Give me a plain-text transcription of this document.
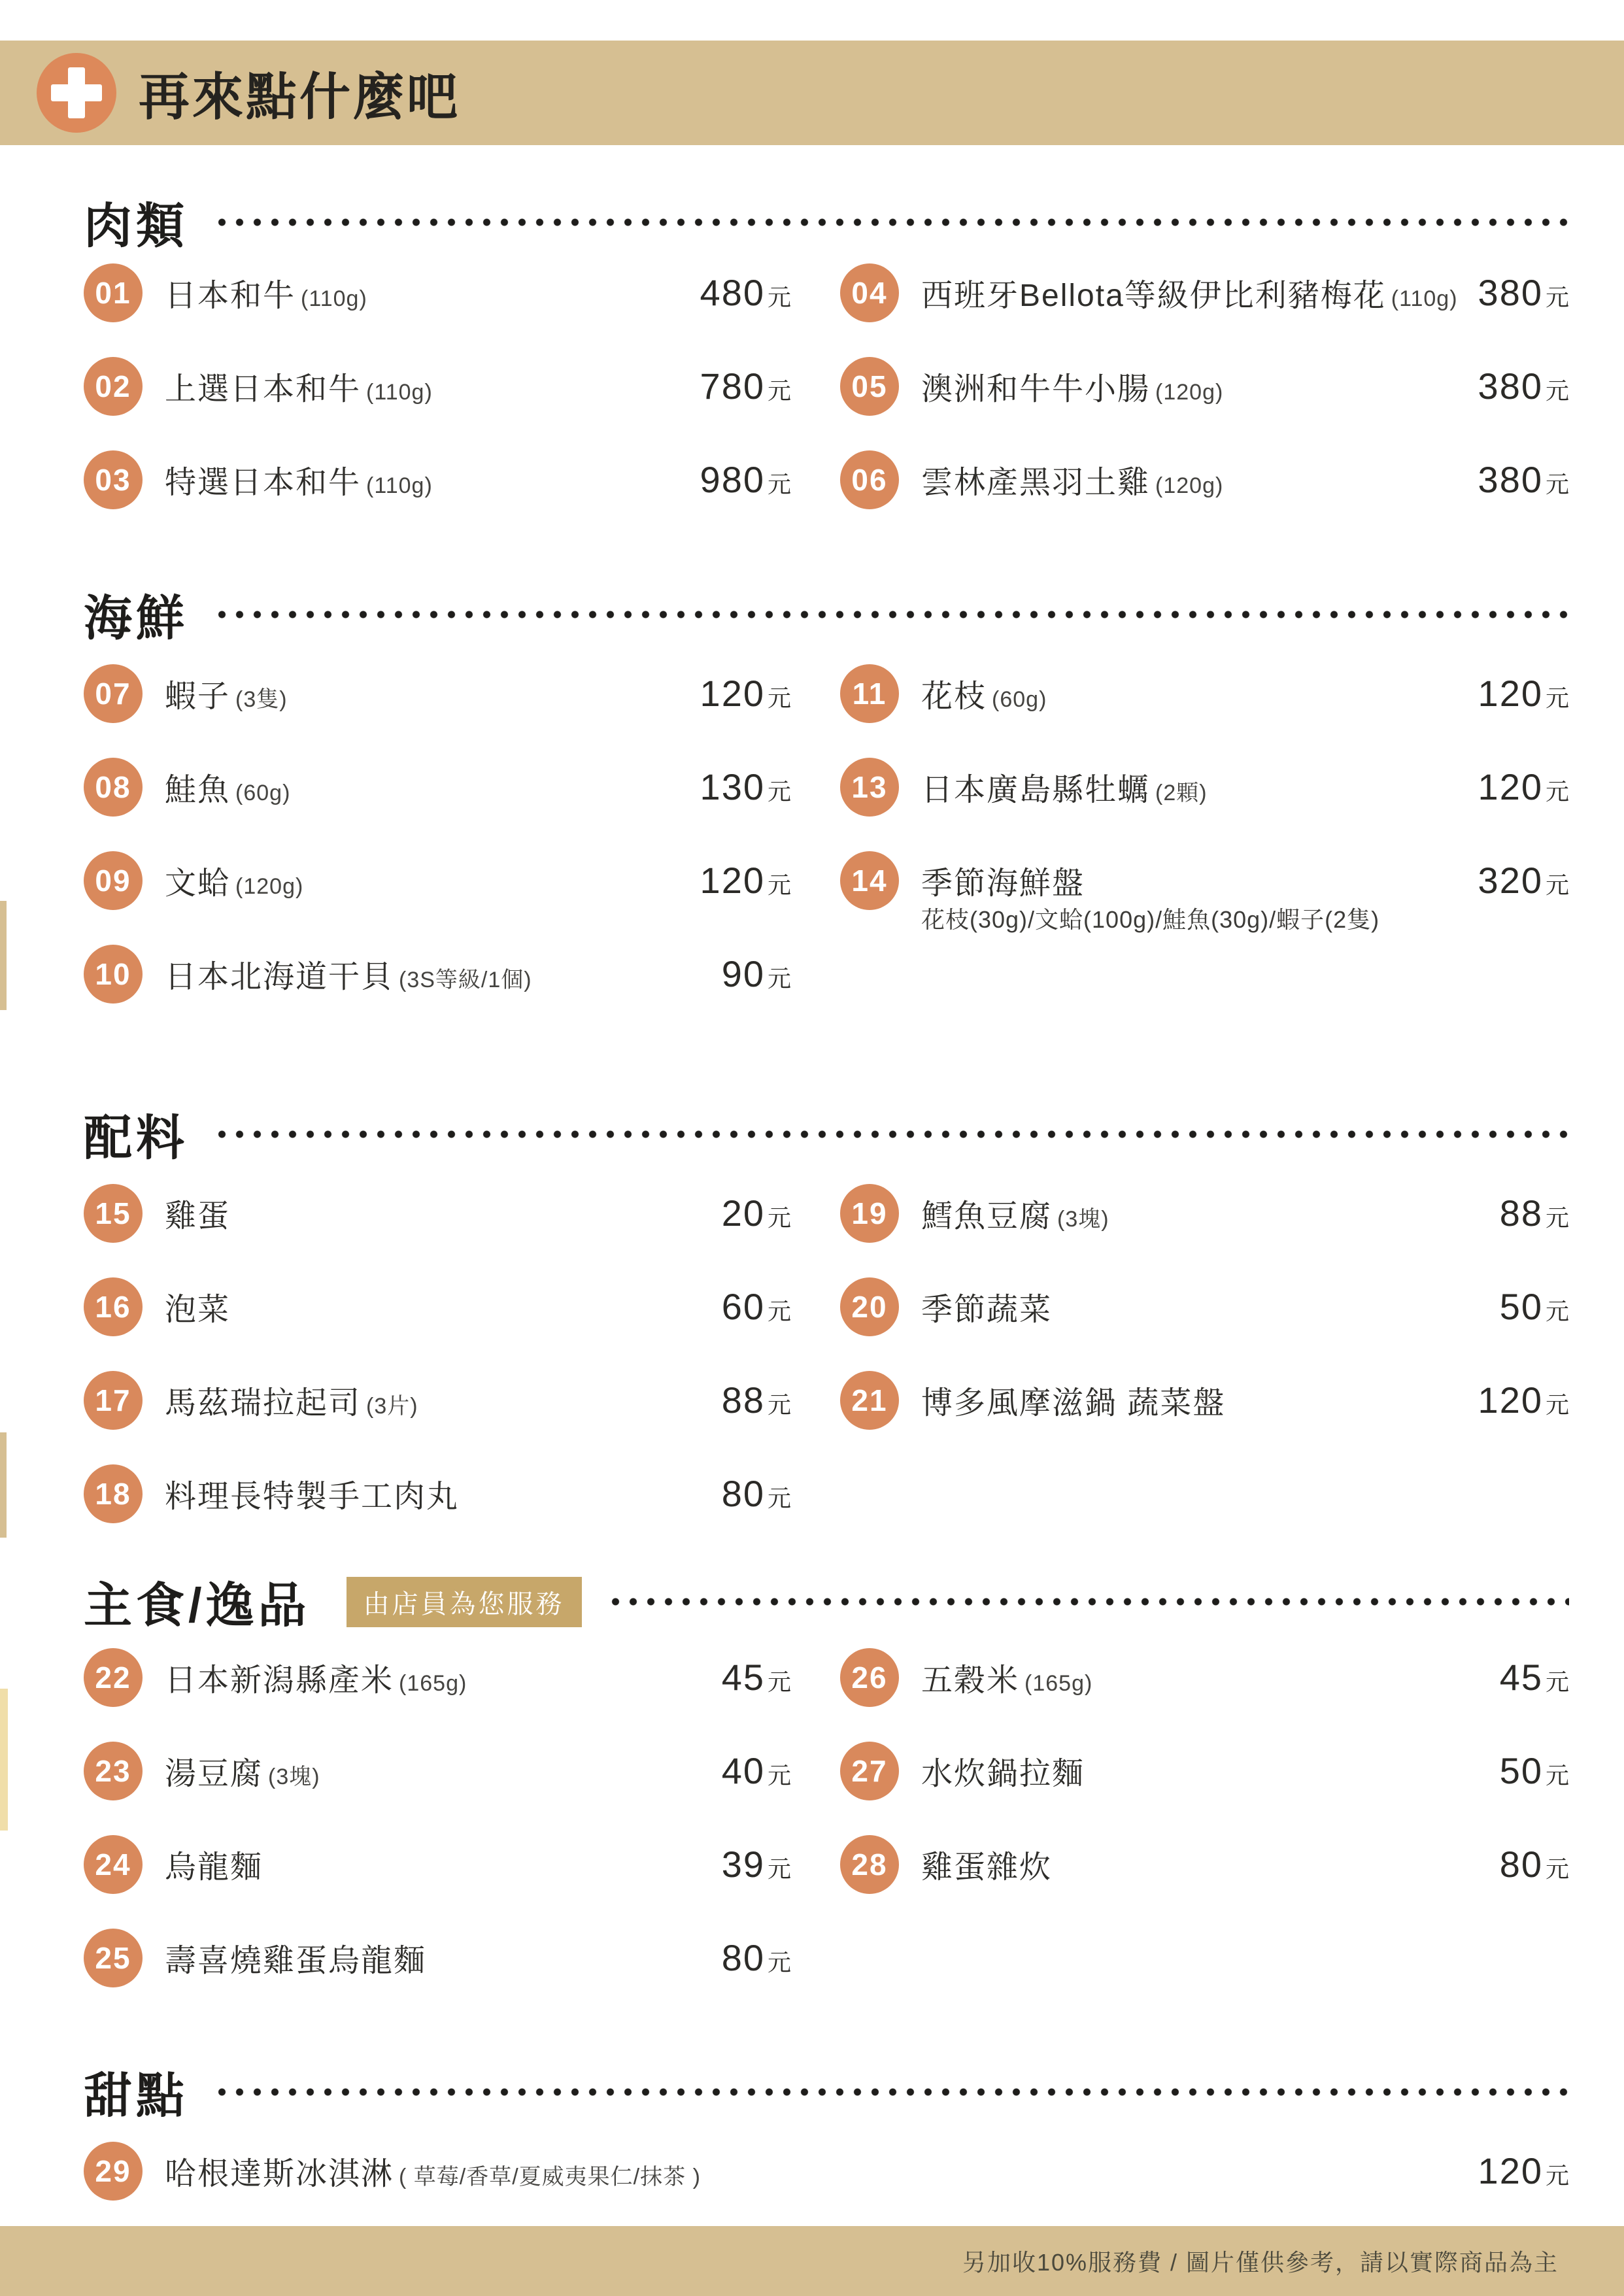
再來點什麼吧
肉類
01 日本和牛 (110g)	480 元
02 上選日本和牛 (110g)	780 元
03 特選日本和牛 (110g)	980 元
04 西班牙Bellota等級伊比利豬梅花 (110g) 380 元
05 澳洲和牛牛小腸 (120g)	380 元
06 雲林產黑羽土雞 (120g)	380 元
海鮮
07 蝦子 (3隻)	120 元
08 鮭魚 (60g)	130 元
09 文蛤 (120g)	120 元
10 日本北海道干貝 (3S等級/1個)	90 元
11 花枝 (60g)	120 元
13 日本廣島縣牡蠣 (2顆)	120 元
14 季節海鮮盤	320 元
花枝(30g)/文蛤(100g)/鮭魚(30g)/蝦子(2隻)
配料
15 雞蛋	20 元
16 泡菜	60 元
17 馬茲瑞拉起司 (3片)	88 元
18 料理長特製手工肉丸	80 元
19 鱈魚豆腐 (3塊)	88 元
20 季節蔬菜	50 元
21 博多風摩滋鍋 蔬菜盤	120 元
主食/逸品	由店員為您服務
22 日本新潟縣產米 (165g)	45 元
23 湯豆腐 (3塊)	40 元
24 烏龍麵	39 元
25 壽喜燒雞蛋烏龍麵	80 元
26 五穀米 (165g)	45 元
27 水炊鍋拉麵	50 元
28 雞蛋雜炊	80 元
甜點
29 哈根達斯冰淇淋 ( 草莓/香草/夏威夷果仁/抹茶 )	120 元
另加收10%服務費 / 圖片僅供參考，請以實際商品為主
